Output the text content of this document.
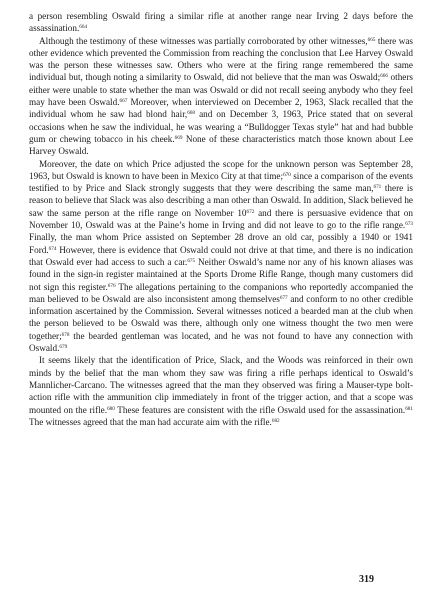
a person resembling Oswald firing a similar rifle at another range near Irving 2 days before the assassination.$^{664}$

Although the testimony of these witnesses was partially corroborated by other witnesses,$^{665}$ there was other evidence which prevented the Commission from reaching the conclusion that Lee Harvey Oswald was the person these witnesses saw. Others who were at the firing range remembered the same individual but, though noting a similarity to Oswald, did not believe that the man was Oswald;$^{666}$ others either were unable to state whether the man was Oswald or did not recall seeing anybody who they feel may have been Oswald.$^{667}$ Moreover, when interviewed on December 2, 1963, Slack recalled that the individual whom he saw had blond hair,$^{668}$ and on December 3, 1963, Price stated that on several occasions when he saw the individual, he was wearing a “Bulldogger Texas style” hat and had bubble gum or chewing tobacco in his cheek.$^{669}$ None of these characteristics match those known about Lee Harvey Oswald.

Moreover, the date on which Price adjusted the scope for the unknown person was September 28, 1963, but Oswald is known to have been in Mexico City at that time;$^{670}$ since a comparison of the events testified to by Price and Slack strongly suggests that they were describing the same man,$^{671}$ there is reason to believe that Slack was also describing a man other than Oswald. In addition, Slack believed he saw the same person at the rifle range on November 10$^{672}$ and there is persuasive evidence that on November 10, Oswald was at the Paine’s home in Irving and did not leave to go to the rifle range.$^{673}$ Finally, the man whom Price assisted on September 28 drove an old car, possibly a 1940 or 1941 Ford.$^{674}$ However, there is evidence that Oswald could not drive at that time, and there is no indication that Oswald ever had access to such a car.$^{675}$ Neither Oswald’s name nor any of his known aliases was found in the sign-in register maintained at the Sports Drome Rifle Range, though many customers did not sign this register.$^{676}$ The allegations pertaining to the companions who reportedly accompanied the man believed to be Oswald are also inconsistent among themselves$^{677}$ and conform to no other credible information ascertained by the Commission. Several witnesses noticed a bearded man at the club when the person believed to be Oswald was there, although only one witness thought the two men were together;$^{678}$ the bearded gentleman was located, and he was not found to have any connection with Oswald.$^{679}$

It seems likely that the identification of Price, Slack, and the Woods was reinforced in their own minds by the belief that the man whom they saw was firing a rifle perhaps identical to Oswald’s Mannlicher-Carcano. The witnesses agreed that the man they observed was firing a Mauser-type bolt-action rifle with the ammunition clip immediately in front of the trigger action, and that a scope was mounted on the rifle.$^{680}$ These features are consistent with the rifle Oswald used for the assassination.$^{681}$ The witnesses agreed that the man had accurate aim with the rifle.$^{682}$

319
